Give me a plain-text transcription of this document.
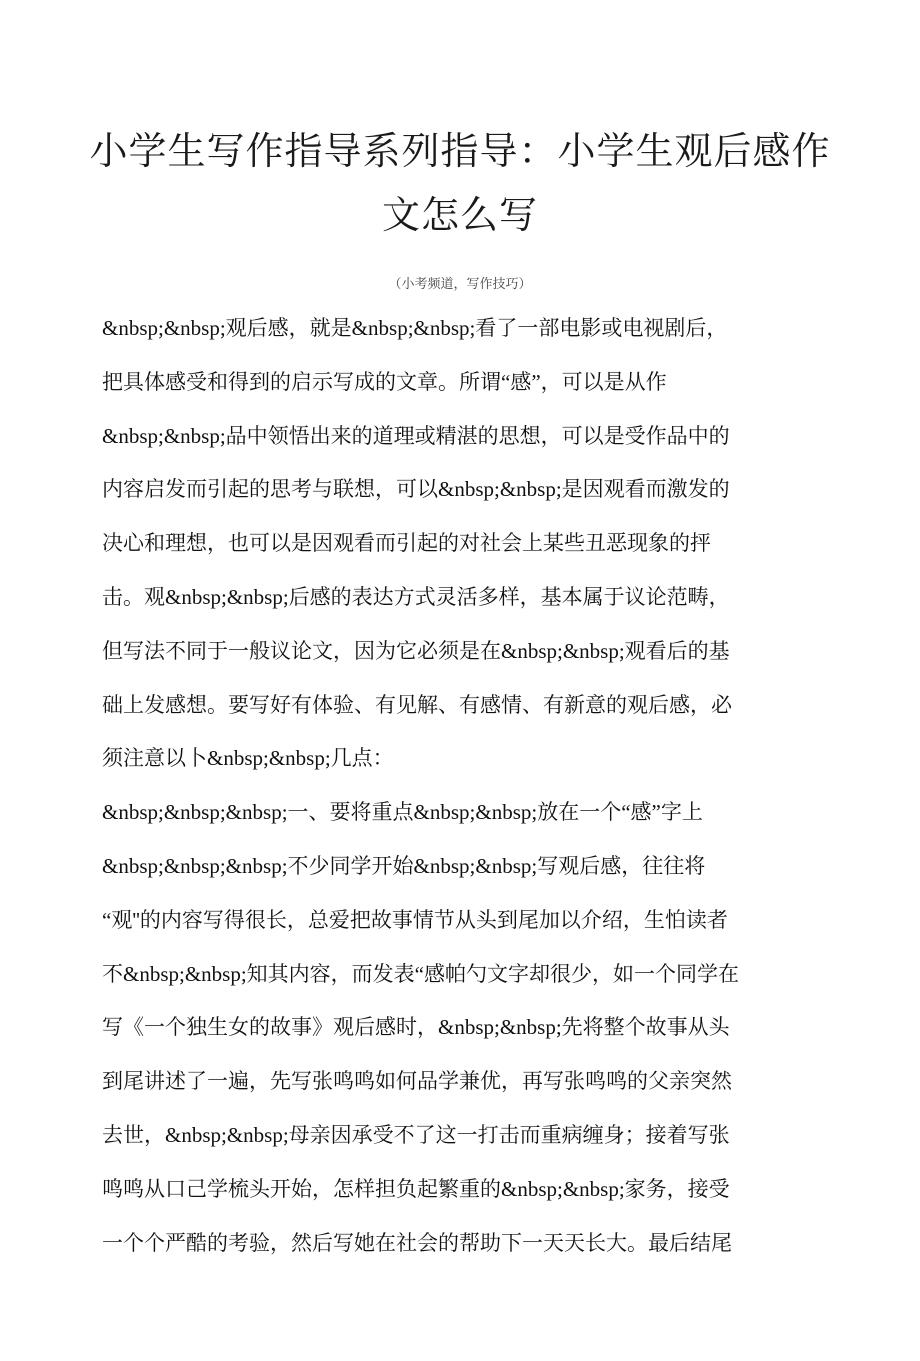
小学生写作指导系列指导：小学生观后感作
文怎么写
（小考频道，写作技巧）
&nbsp;&nbsp;观后感，就是&nbsp;&nbsp;看了一部电影或电视剧后，
把具体感受和得到的启示写成的文章。所谓“感”，可以是从作
&nbsp;&nbsp;品中领悟出来的道理或精湛的思想，可以是受作品中的
内容启发而引起的思考与联想，可以&nbsp;&nbsp;是因观看而激发的
决心和理想，也可以是因观看而引起的对社会上某些丑恶现象的抨
击。观&nbsp;&nbsp;后感的表达方式灵活多样，基本属于议论范畴，
但写法不同于一般议论文，因为它必须是在&nbsp;&nbsp;观看后的基
础上发感想。要写好有体验、有见解、有感情、有新意的观后感，必
须注意以卜&nbsp;&nbsp;几点：
&nbsp;&nbsp;&nbsp;一、要将重点&nbsp;&nbsp;放在一个“感”字上
&nbsp;&nbsp;&nbsp;不少同学开始&nbsp;&nbsp;写观后感，往往将
“观''的内容写得很长，总爱把故事情节从头到尾加以介绍，生怕读者
不&nbsp;&nbsp;知其内容，而发表“感帕勺文字却很少，如一个同学在
写《一个独生女的故事》观后感时，&nbsp;&nbsp;先将整个故事从头
到尾讲述了一遍，先写张鸣鸣如何品学兼优，再写张鸣鸣的父亲突然
去世，&nbsp;&nbsp;母亲因承受不了这一打击而重病缠身；接着写张
鸣鸣从口己学梳头开始，怎样担负起繁重的&nbsp;&nbsp;家务，接受
一个个严酷的考验，然后写她在社会的帮助下一天天长大。最后结尾
